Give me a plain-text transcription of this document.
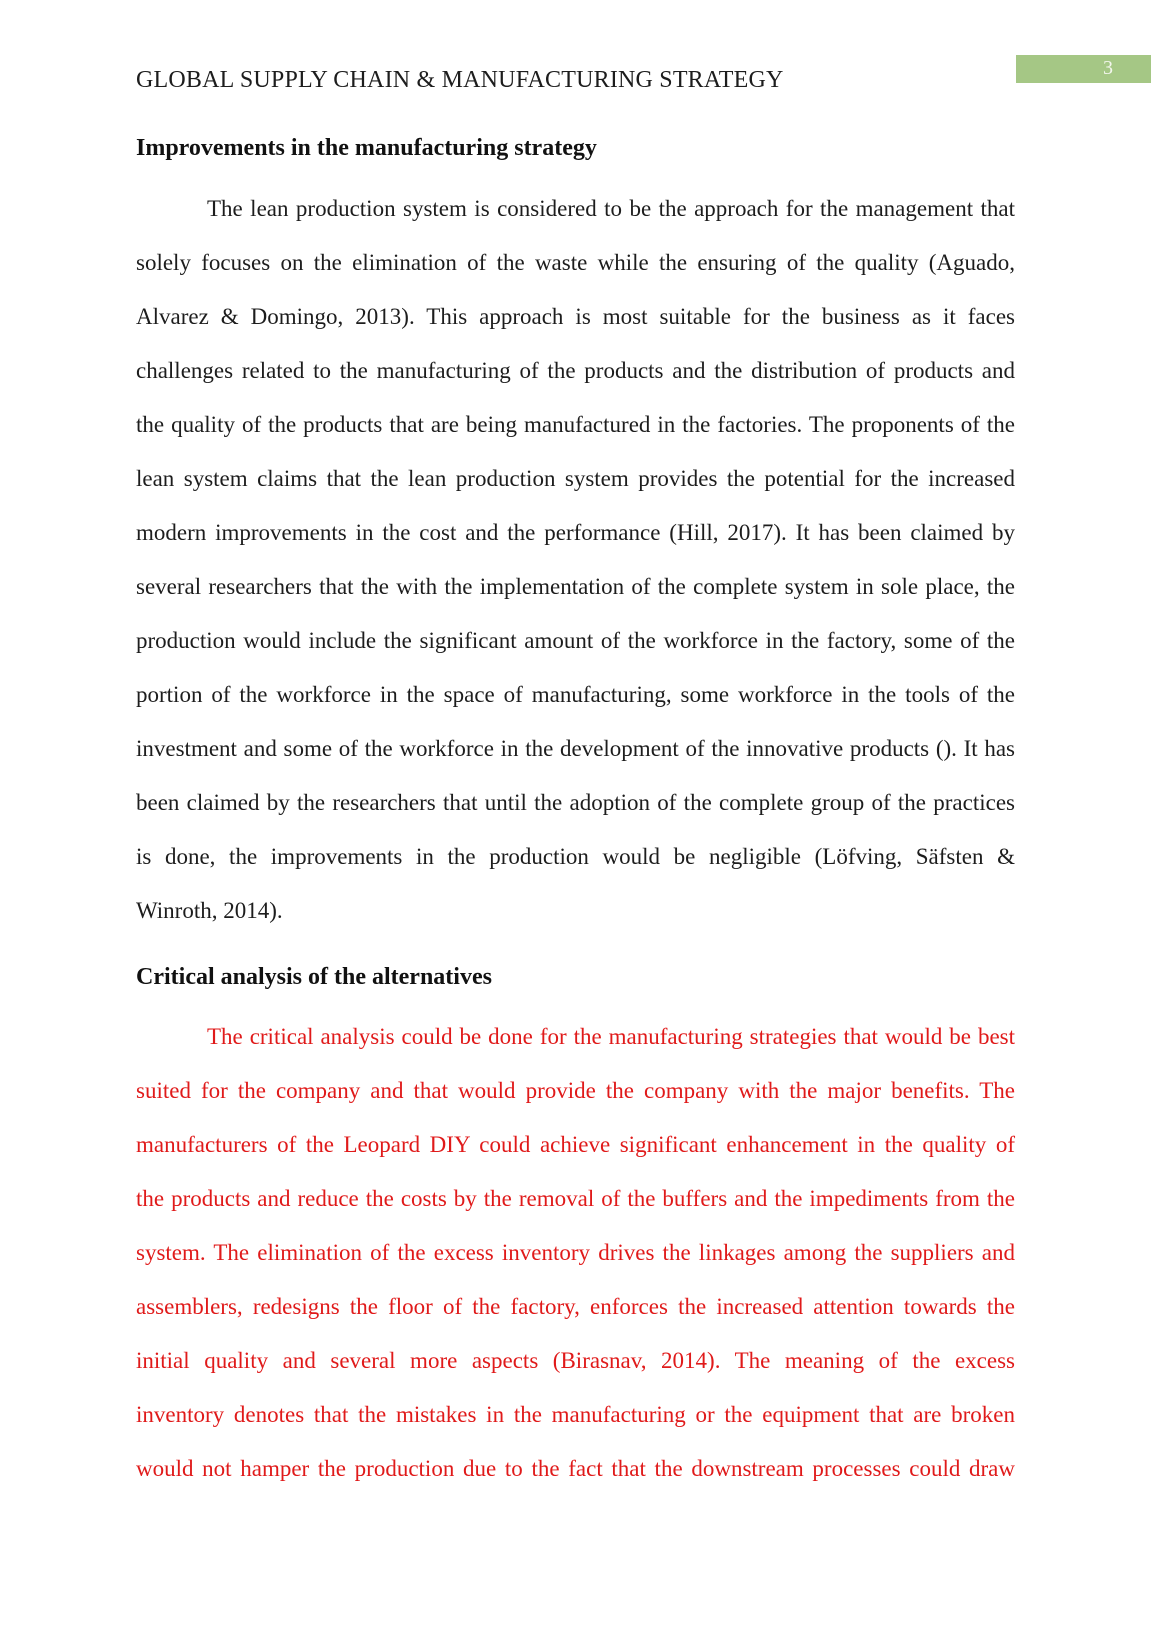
GLOBAL SUPPLY CHAIN & MANUFACTURING STRATEGY	3
Improvements in the manufacturing strategy
The lean production system is considered to be the approach for the management that
solely focuses on the elimination of the waste while the ensuring of the quality (Aguado,
Alvarez & Domingo, 2013). This approach is most suitable for the business as it faces
challenges related to the manufacturing of the products and the distribution of products and
the quality of the products that are being manufactured in the factories. The proponents of the
lean system claims that the lean production system provides the potential for the increased
modern improvements in the cost and the performance (Hill, 2017). It has been claimed by
several researchers that the with the implementation of the complete system in sole place, the
production would include the significant amount of the workforce in the factory, some of the
portion of the workforce in the space of manufacturing, some workforce in the tools of the
investment and some of the workforce in the development of the innovative products (). It has
been claimed by the researchers that until the adoption of the complete group of the practices
is done, the improvements in the production would be negligible (Löfving, Säfsten &
Winroth, 2014).
Critical analysis of the alternatives
The critical analysis could be done for the manufacturing strategies that would be best
suited for the company and that would provide the company with the major benefits. The
manufacturers of the Leopard DIY could achieve significant enhancement in the quality of
the products and reduce the costs by the removal of the buffers and the impediments from the
system. The elimination of the excess inventory drives the linkages among the suppliers and
assemblers, redesigns the floor of the factory, enforces the increased attention towards the
initial quality and several more aspects (Birasnav, 2014). The meaning of the excess
inventory denotes that the mistakes in the manufacturing or the equipment that are broken
would not hamper the production due to the fact that the downstream processes could draw
